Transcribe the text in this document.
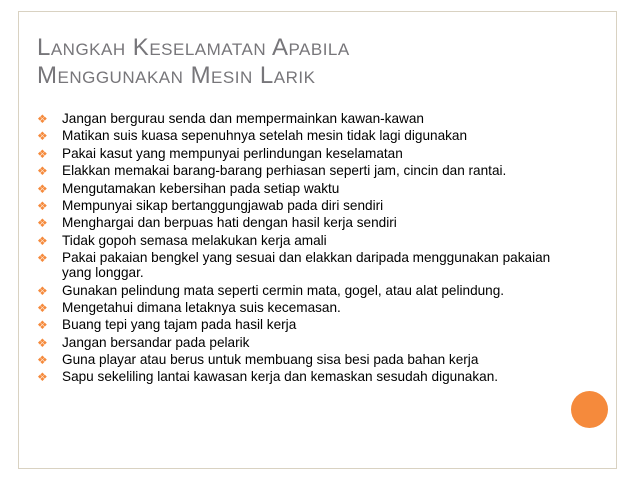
Langkah Keselamatan Apabila
Menggunakan Mesin Larik
❖ Jangan bergurau senda dan mempermainkan kawan-kawan
❖ Matikan suis kuasa sepenuhnya setelah mesin tidak lagi digunakan
❖ Pakai kasut yang mempunyai perlindungan keselamatan
❖ Elakkan memakai barang-barang perhiasan seperti jam, cincin dan rantai.
❖ Mengutamakan kebersihan pada setiap waktu
❖ Mempunyai sikap bertanggungjawab pada diri sendiri
❖ Menghargai dan berpuas hati dengan hasil kerja sendiri
❖ Tidak gopoh semasa melakukan kerja amali
❖ Pakai pakaian bengkel yang sesuai dan elakkan daripada menggunakan pakaian yang longgar.
❖ Gunakan pelindung mata seperti cermin mata, gogel, atau alat pelindung.
❖ Mengetahui dimana letaknya suis kecemasan.
❖ Buang tepi yang tajam pada hasil kerja
❖ Jangan bersandar pada pelarik
❖ Guna playar atau berus untuk membuang sisa besi pada bahan kerja
❖ Sapu sekeliling lantai kawasan kerja dan kemaskan sesudah digunakan.
